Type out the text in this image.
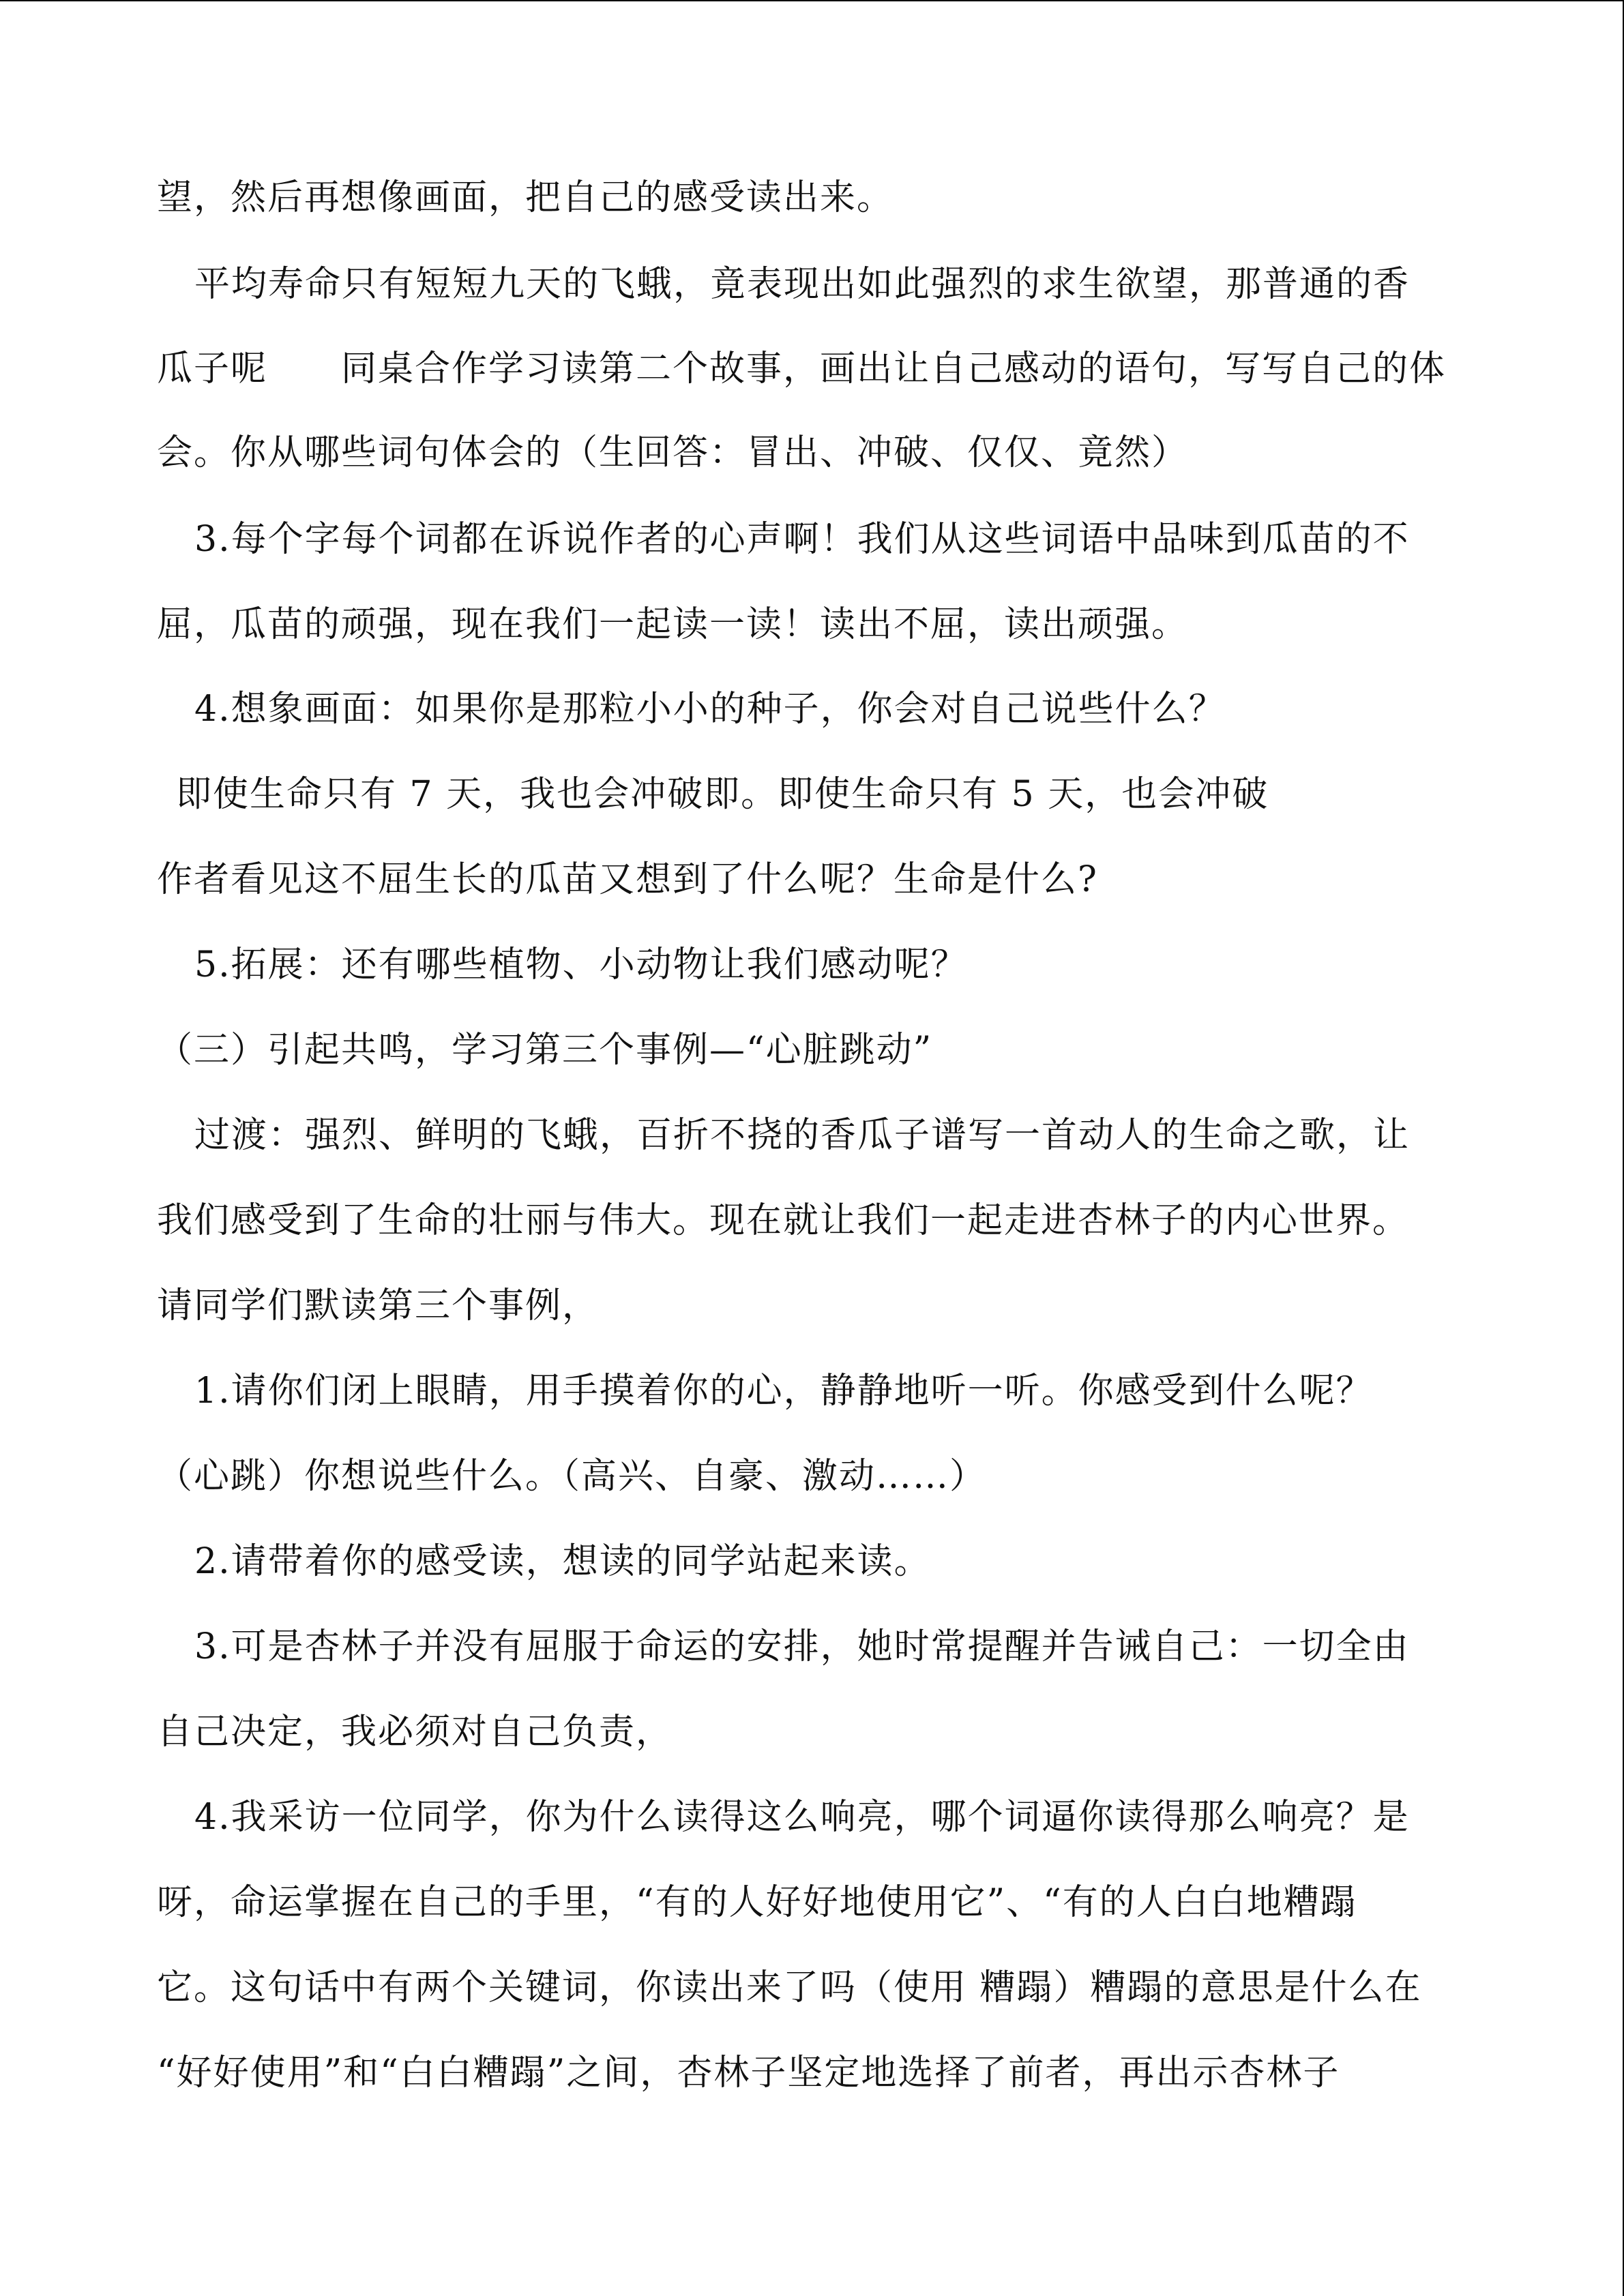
望，然后再想像画面，把自己的感受读出来。
平均寿命只有短短九天的飞蛾，竟表现出如此强烈的求生欲望，那普通的香
瓜子呢　　同桌合作学习读第二个故事，画出让自己感动的语句，写写自己的体
会。你从哪些词句体会的（生回答：冒出、冲破、仅仅、竟然）
3.每个字每个词都在诉说作者的心声啊！我们从这些词语中品味到瓜苗的不
屈，瓜苗的顽强，现在我们一起读一读！读出不屈，读出顽强。
4.想象画面：如果你是那粒小小的种子，你会对自己说些什么？
即使生命只有 7 天，我也会冲破即。即使生命只有 5 天，也会冲破
作者看见这不屈生长的瓜苗又想到了什么呢？生命是什么?
5.拓展：还有哪些植物、小动物让我们感动呢？
（三）引起共鸣，学习第三个事例—“心脏跳动”
过渡：强烈、鲜明的飞蛾，百折不挠的香瓜子谱写一首动人的生命之歌，让
我们感受到了生命的壮丽与伟大。现在就让我们一起走进杏林子的内心世界。
请同学们默读第三个事例，
1.请你们闭上眼睛，用手摸着你的心，静静地听一听。你感受到什么呢？
（心跳）你想说些什么。（高兴、自豪、激动……）
2.请带着你的感受读，想读的同学站起来读。
3.可是杏林子并没有屈服于命运的安排，她时常提醒并告诫自己：一切全由
自己决定，我必须对自己负责，
4.我采访一位同学，你为什么读得这么响亮，哪个词逼你读得那么响亮？是
呀，命运掌握在自己的手里，“有的人好好地使用它”、“有的人白白地糟蹋
它。这句话中有两个关键词，你读出来了吗（使用 糟蹋）糟蹋的意思是什么在
“好好使用”和“白白糟蹋”之间，杏林子坚定地选择了前者，再出示杏林子
